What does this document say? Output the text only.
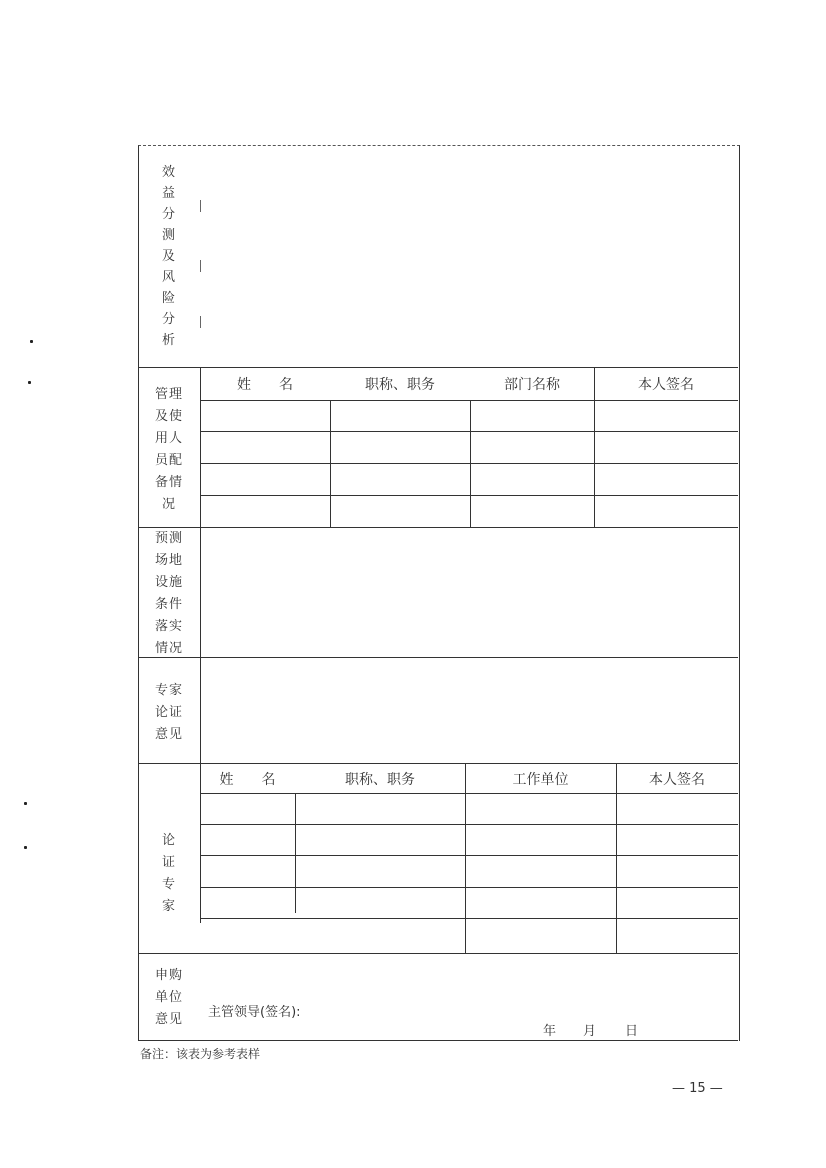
效
益
分
测
及
风
险
分
析
管理
及使
用人
员配
备情
况
姓　　名	职称、职务	部门名称	本人签名
预测
场地
设施
条件
落实
情况
专家
论证
意见
论
证
专
家
姓　　名	职称、职务	工作单位	本人签名
申购
单位
意见	主管领导(签名):
年 月 日
备注：该表为参考表样
— 15 —
